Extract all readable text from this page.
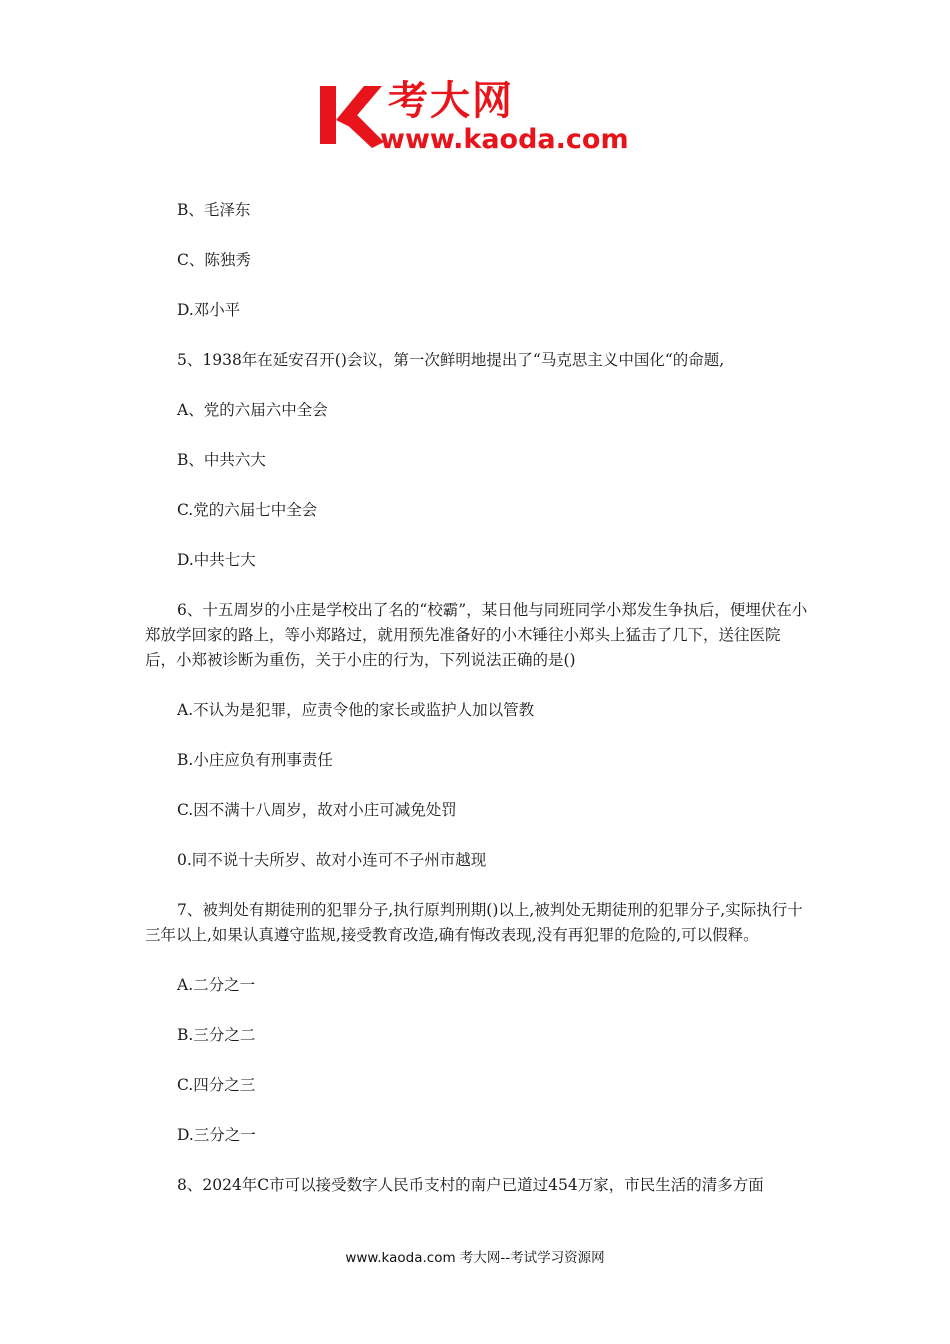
考大网
www.kaoda.com

B、毛泽东

C、陈独秀

D.邓小平

5、1938年在延安召开()会议，第一次鲜明地提出了“马克思主义中国化“的命题,

A、党的六届六中全会

B、中共六大

C.党的六届七中全会

D.中共七大

6、十五周岁的小庄是学校出了名的“校霸”，某日他与同班同学小郑发生争执后，便埋伏在小郑放学回家的路上，等小郑路过，就用预先准备好的小木锤往小郑头上猛击了几下，送往医院后，小郑被诊断为重伤，关于小庄的行为，下列说法正确的是()

A.不认为是犯罪，应责令他的家长或监护人加以管教

B.小庄应负有刑事责任

C.因不满十八周岁，故对小庄可减免处罚

0.同不说十夫所岁、故对小连可不子州市越现

7、被判处有期徒刑的犯罪分子,执行原判刑期()以上,被判处无期徒刑的犯罪分子,实际执行十三年以上,如果认真遵守监规,接受教育改造,确有悔改表现,没有再犯罪的危险的,可以假释。

A.二分之一

B.三分之二

C.四分之三

D.三分之一

8、2024年C市可以接受数字人民币支村的南户已道过454万家，市民生活的清多方面

www.kaoda.com 考大网--考试学习资源网
